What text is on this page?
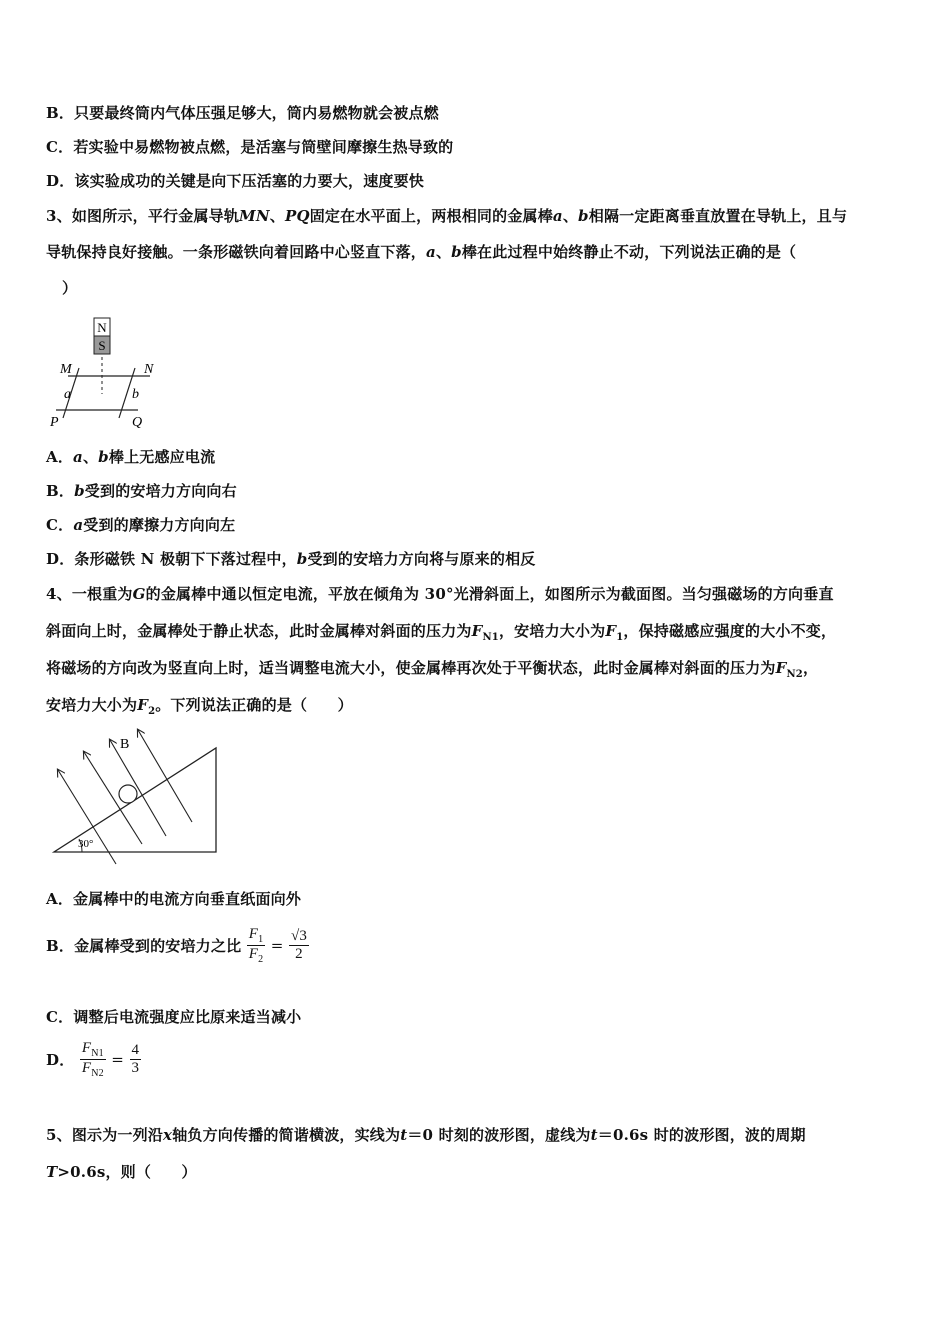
B．只要最终筒内气体压强足够大，筒内易燃物就会被点燃
C．若实验中易燃物被点燃，是活塞与筒壁间摩擦生热导致的
D．该实验成功的关键是向下压活塞的力要大，速度要快
3、如图所示，平行金属导轨MN、PQ固定在水平面上，两根相同的金属棒a、b相隔一定距离垂直放置在导轨上，且与
导轨保持良好接触。一条形磁铁向着回路中心竖直下落，a、b棒在此过程中始终静止不动，下列说法正确的是（
）
N
S
M	N
a	b
P	Q
A．a、b棒上无感应电流
B．b受到的安培力方向向右
C．a受到的摩擦力方向向左
D．条形磁铁 N 极朝下下落过程中，b受到的安培力方向将与原来的相反
4、一根重为G的金属棒中通以恒定电流，平放在倾角为 30°光滑斜面上，如图所示为截面图。当匀强磁场的方向垂直
斜面向上时，金属棒处于静止状态，此时金属棒对斜面的压力为$F_{N1}$，安培力大小为$F_1$，保持磁感应强度的大小不变，
将磁场的方向改为竖直向上时，适当调整电流大小，使金属棒再次处于平衡状态，此时金属棒对斜面的压力为$F_{N2}$，
安培力大小为$F_2$。下列说法正确的是（　　）
30°
B
A．金属棒中的电流方向垂直纸面向外
B．金属棒受到的安培力之比 $\frac{F_1}{F_2} = \frac{√3}{2}$
C．调整后电流强度应比原来适当减小
D． $\frac{F_{N1}}{F_{N2}} = \frac{4}{3}$
5、图示为一列沿x轴负方向传播的简谐横波，实线为t＝0 时刻的波形图，虚线为t＝0.6s 时的波形图，波的周期
T>0.6s，则（　　）
